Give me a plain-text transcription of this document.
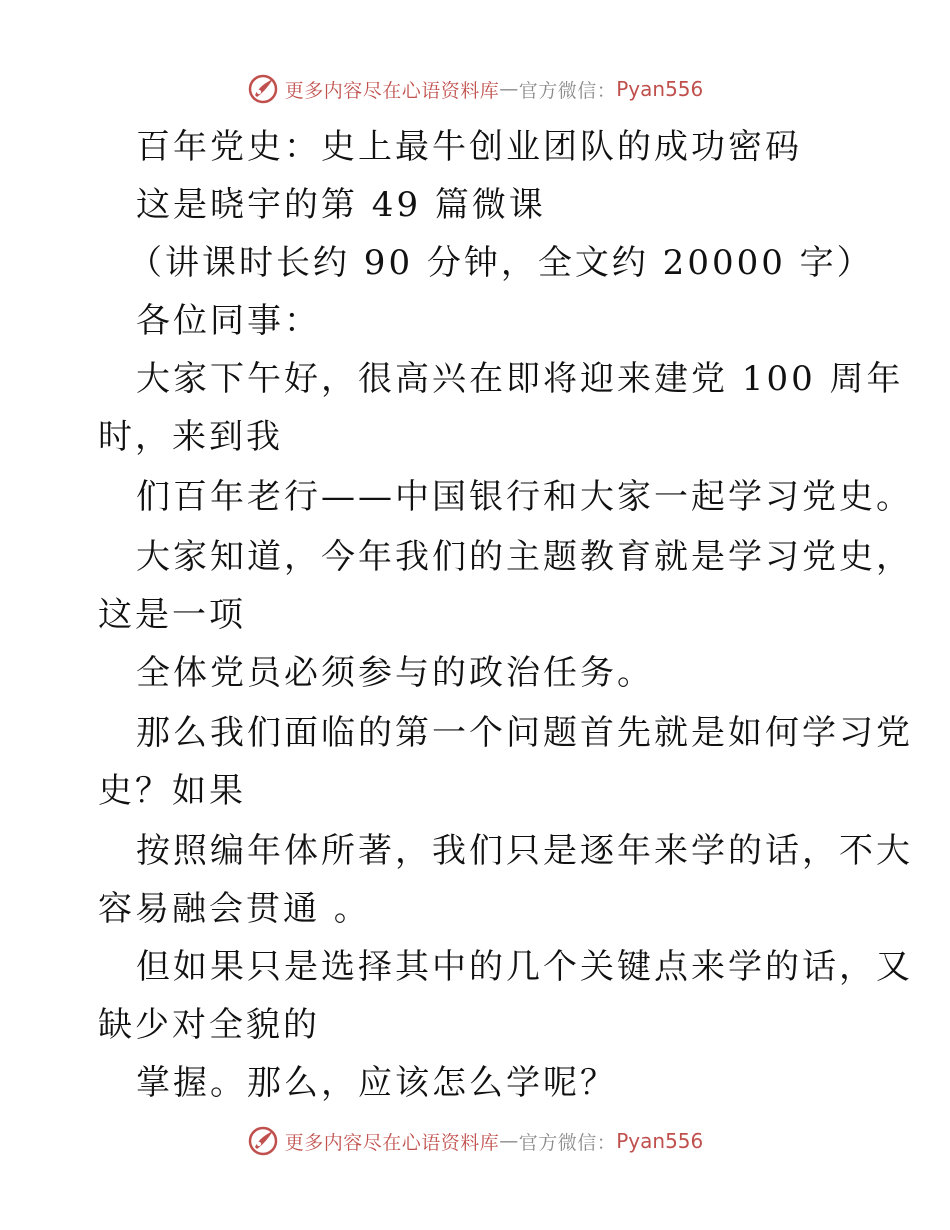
更多内容尽在心语资料库 — 官方微信： Pyan556
百年党史：史上最牛创业团队的成功密码
这是晓宇的第 49 篇微课
（讲课时长约 90 分钟，全文约 20000 字）
各位同事：
大家下午好，很高兴在即将迎来建党 100 周年
时，来到我
们百年老行——中国银行和大家一起学习党史。
大家知道，今年我们的主题教育就是学习党史，
这是一项
全体党员必须参与的政治任务。
那么我们面临的第一个问题首先就是如何学习党
史？如果
按照编年体所著，我们只是逐年来学的话，不大
容易融会贯通 。
但如果只是选择其中的几个关键点来学的话，又
缺少对全貌的
掌握。那么，应该怎么学呢？
更多内容尽在心语资料库 — 官方微信： Pyan556
